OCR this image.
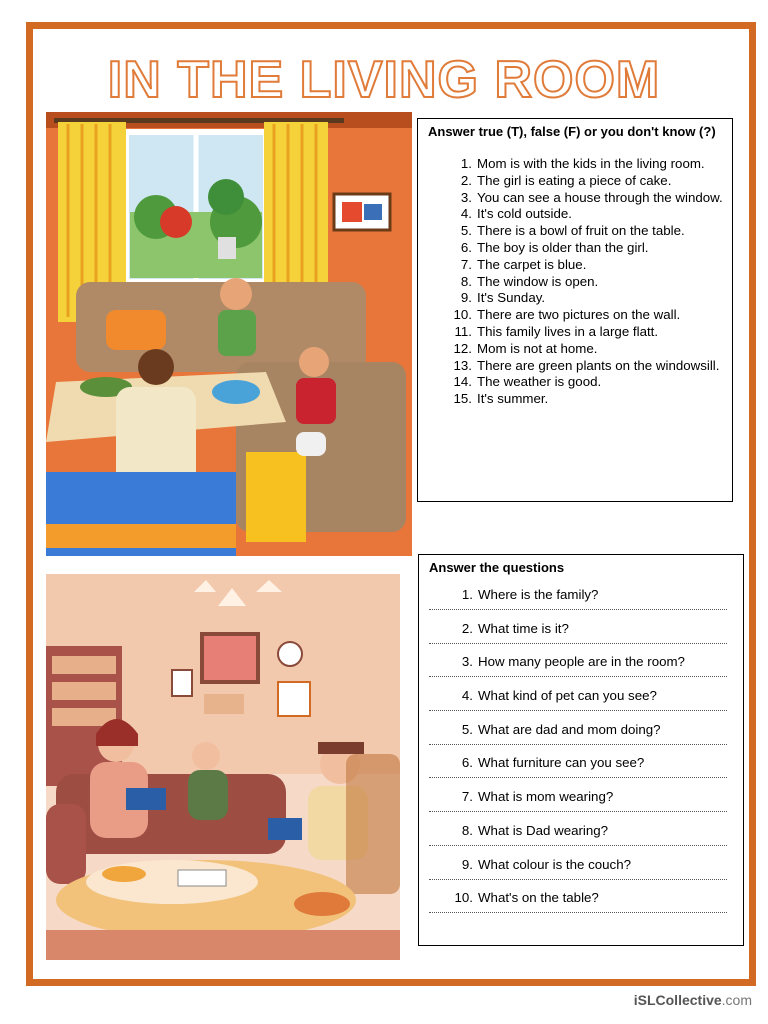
IN THE LIVING ROOM
Answer true (T), false (F) or you don't know (?)
1. Mom is with the kids in the living room.
2. The girl is eating a piece of cake.
3. You can see a house through the window.
4. It's cold outside.
5. There is a bowl of fruit on the table.
6. The boy is older than the girl.
7. The carpet is blue.
8. The window is open.
9. It's Sunday.
10. There are two pictures on the wall.
11. This family lives in a large flatt.
12. Mom is not at home.
13. There are green plants on the windowsill.
14. The weather is good.
15. It's summer.
Answer the questions
1. Where is the family?
2. What time is it?
3. How many people are in the room?
4. What kind of pet can you see?
5. What are dad and mom doing?
6. What furniture can you see?
7. What is mom wearing?
8. What is Dad wearing?
9. What colour is the couch?
10. What's on the table?
iSLCollective.com
